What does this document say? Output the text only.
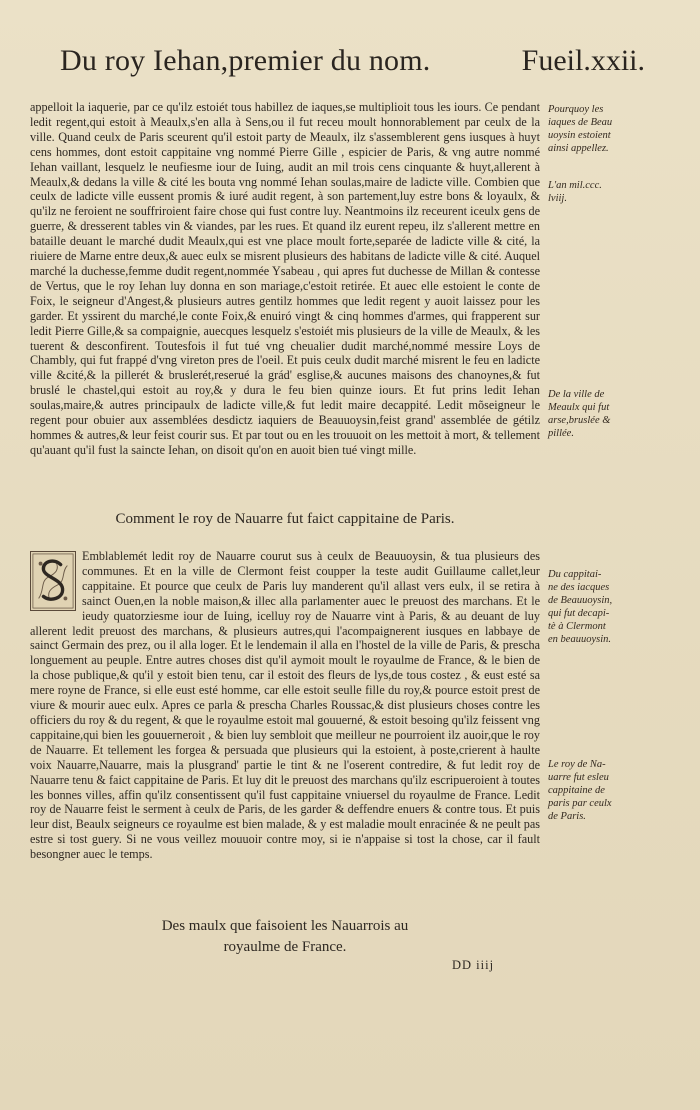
Du roy Iehan,premier du nom.	Fueil.xxii.
appelloit la iaquerie, par ce qu'ilz estoiét tous habillez de iaques,se multiplioit tous les iours. Ce pendant ledit regent,qui estoit à Meaulx,s'en alla à Sens,ou il fut receu moult honnorablement par ceulx de la ville. Quand ceulx de Paris sceurent qu'il estoit party de Meaulx, ilz s'assemblerent gens iusques à huyt cens hommes, dont estoit cappitaine vng nommé Pierre Gille , espicier de Paris, & vng autre nommé Iehan vaillant, lesquelz le neufiesme iour de Iuing, audit an mil trois cens cinquante & huyt,allerent à Meaulx,& dedans la ville & cité les bouta vng nommé Iehan soulas,maire de ladicte ville. Combien que ceulx de ladicte ville eussent promis & iuré audit regent, à son partement,luy estre bons & loyaulx, & qu'ilz ne feroient ne souffriroient faire chose qui fust contre luy. Neantmoins ilz receurent iceulx gens de guerre, & dresserent tables vin & viandes, par les rues. Et quand ilz eurent repeu, ilz s'allerent mettre en bataille deuant le marché dudit Meaulx,qui est vne place moult forte,separée de ladicte ville & cité, la riuiere de Marne entre deux,& auec eulx se misrent plusieurs des habitans de ladicte ville & cité. Auquel marché la duchesse,femme dudit regent,nommée Ysabeau , qui apres fut duchesse de Millan & contesse de Vertus, que le roy Iehan luy donna en son mariage,c'estoit retirée. Et auec elle estoient le conte de Foix, le seigneur d'Angest,& plusieurs autres gentilz hommes que ledit regent y auoit laissez pour les garder. Et yssirent du marché,le conte Foix,& enuiró vingt & cinq hommes d'armes, qui frapperent sur ledit Pierre Gille,& sa compaignie, auecques lesquelz s'estoiét mis plusieurs de la ville de Meaulx, & les tuerent & desconfirent. Toutesfois il fut tué vng cheualier dudit marché,nommé messire Loys de Chambly, qui fut frappé d'vng vireton pres de l'oeil. Et puis ceulx dudit marché misrent le feu en ladicte ville &cité,& la pillerét & bruslerét,reserué la grád' esglise,& aucunes maisons des chanoynes,& fut bruslé le chastel,qui estoit au roy,& y dura le feu bien quinze iours. Et fut prins ledit Iehan soulas,maire,& autres principaulx de ladicte ville,& fut ledit maire decappité. Ledit mõseigneur le regent pour obuier aux assemblées desdictz iaquiers de Beauuoysin,feist grand' assemblée de gétilz hommes & autres,& leur feist courir sus. Et par tout ou en les trouuoit on les mettoit à mort, & tellement qu'auant qu'il fust la saincte Iehan, on disoit qu'on en auoit bien tué vingt mille.
Comment le roy de Nauarre fut faict cappitaine de Paris.
Emblablemét ledit roy de Nauarre courut sus à ceulx de Beauuoysin, & tua plusieurs des communes. Et en la ville de Clermont feist coupper la teste audit Guillaume callet,leur cappitaine. Et pource que ceulx de Paris luy manderent qu'il allast vers eulx, il se retira à sainct Ouen,en la noble maison,& illec alla parlamenter auec le preuost des marchans. Et le ieudy quatorziesme iour de Iuing, icelluy roy de Nauarre vint à Paris, & au deuant de luy allerent ledit preuost des marchans, & plusieurs autres,qui l'acompaignerent iusques en labbaye de sainct Germain des prez, ou il alla loger. Et le lendemain il alla en l'hostel de la ville de Paris, & prescha longuement au peuple. Entre autres choses dist qu'il aymoit moult le royaulme de France, & le bien de la chose publique,& qu'il y estoit bien tenu, car il estoit des fleurs de lys,de tous costez , & eust esté sa mere royne de France, si elle eust esté homme, car elle estoit seulle fille du roy,& pource estoit prest de viure & mourir auec eulx. Apres ce parla & prescha Charles Roussac,& dist plusieurs choses contre les officiers du roy & du regent, & que le royaulme estoit mal gouuerné, & estoit besoing qu'ilz feissent vng cappitaine,qui bien les gouuerneroit , & bien luy sembloit que meilleur ne pourroient ilz auoir,que le roy de Nauarre. Et tellement les forgea & persuada que plusieurs qui la estoient, à poste,crierent à haulte voix Nauarre,Nauarre, mais la plusgrand' partie le tint & ne l'oserent contredire, & fut ledit roy de Nauarre tenu & faict cappitaine de Paris. Et luy dit le preuost des marchans qu'ilz escripueroient à toutes les bonnes villes, affin qu'ilz consentissent qu'il fust cappitaine vniuersel du royaulme de France. Ledit roy de Nauarre feist le serment à ceulx de Paris, de les garder & deffendre enuers & contre tous. Et puis leur dist, Beaulx seigneurs ce royaulme est bien malade, & y est maladie moult enracinée & ne peult pas estre si tost guery. Si ne vous veillez mouuoir contre moy, si ie n'appaise si tost la chose, car il fault besongner auec le temps.
Des maulx que faisoient les Nauarrois au
royaulme de France.
DD iiij
Pourquoy les
iaques de Beau
uoysin estoient
ainsi appellez.
L'an mil.ccc.
lviij.
De la ville de
Meaulx qui fut
arse,bruslée &
pillée.
Du cappitai-
ne des iacques
de Beauuoysin,
qui fut decapi-
tè à Clermont
en beauuoysin.
Le roy de Na-
uarre fut esleu
cappitaine de
paris par ceulx
de Paris.
